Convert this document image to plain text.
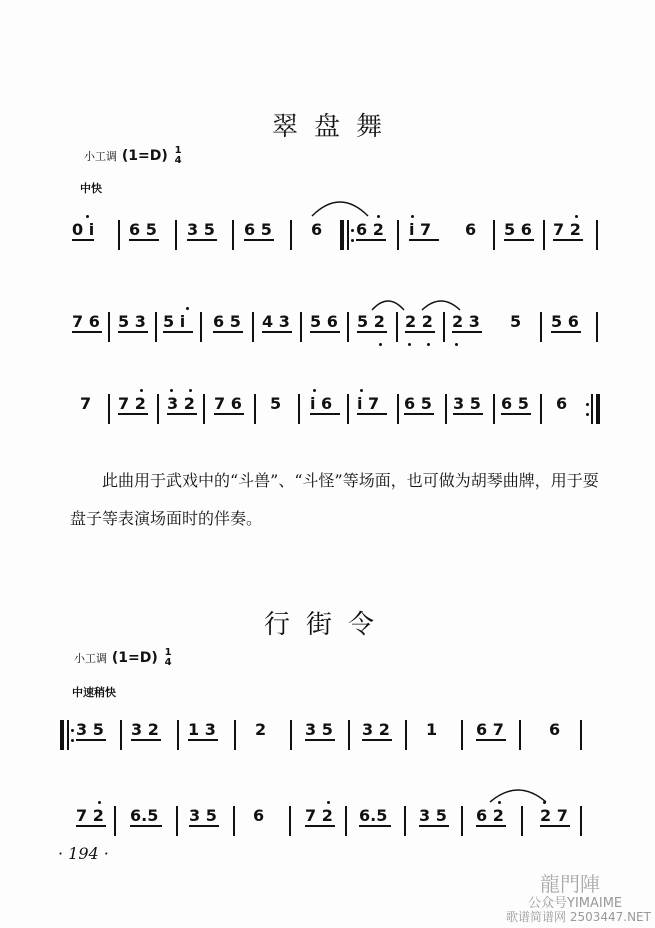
翠盘舞
小工调 (1=D) 1
4
中快
0 i 6 5 3 5 6 5 6 6 2 i 7 6 5 6 7 2
7 6 5 3 5 i 6 5 4 3 5 6 5 2 2 2 2 3 5 5 6
7 7 2 3 2 7 6 5 i 6 i 7 6 5 3 5 6 5 6
此曲用于武戏中的“斗兽”、“斗怪”等场面，也可做为胡琴曲牌，用于耍盘子等表演场面时的伴奏。
行街令
小工调 (1=D) 1
4
中速稍快
3 5 3 2 1 3 2 3 5 3 2 1 6 7	6
7 2 6.5 3 5 6	7 2 6.5 3 5 6 2 2 7
· 194 ·
龍門陣
公众号YIMAIME
歌谱简谱网 2503447.NET
